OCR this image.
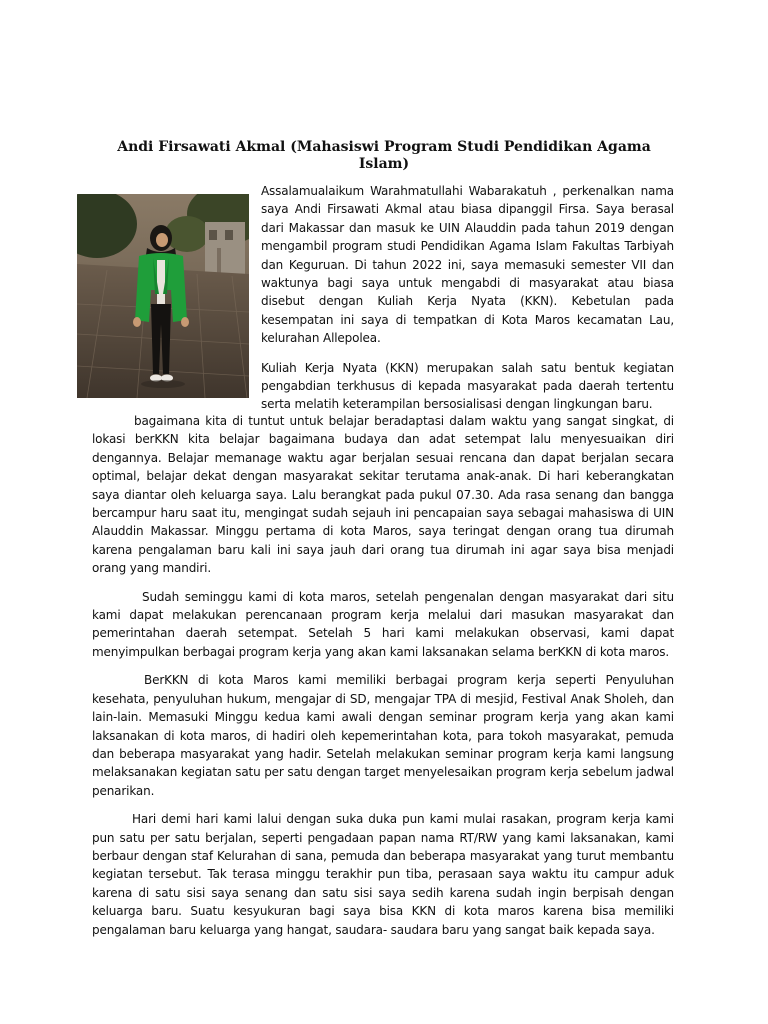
Andi Firsawati Akmal (Mahasiswi Program Studi Pendidikan Agama Islam)

Assalamualaikum Warahmatullahi Wabarakatuh , perkenalkan nama saya Andi Firsawati Akmal atau biasa dipanggil Firsa. Saya berasal dari Makassar dan masuk ke UIN Alauddin pada tahun 2019 dengan mengambil program studi Pendidikan Agama Islam Fakultas Tarbiyah dan Keguruan. Di tahun 2022 ini, saya memasuki semester VII dan waktunya bagi saya untuk mengabdi di masyarakat atau biasa disebut dengan Kuliah Kerja Nyata (KKN). Kebetulan pada kesempatan ini saya di tempatkan di Kota Maros kecamatan Lau, kelurahan Allepolea.

Kuliah Kerja Nyata (KKN) merupakan salah satu bentuk kegiatan pengabdian terkhusus di kepada masyarakat pada daerah tertentu serta melatih keterampilan bersosialisasi dengan lingkungan baru.

bagaimana kita di tuntut untuk belajar beradaptasi dalam waktu yang sangat singkat, di lokasi berKKN kita belajar bagaimana budaya dan adat setempat lalu menyesuaikan diri dengannya. Belajar memanage waktu agar berjalan sesuai rencana dan dapat berjalan secara optimal, belajar dekat dengan masyarakat sekitar terutama anak-anak. Di hari keberangkatan saya diantar oleh keluarga saya. Lalu berangkat pada pukul 07.30. Ada rasa senang dan bangga bercampur haru saat itu, mengingat sudah sejauh ini pencapaian saya sebagai mahasiswa di UIN Alauddin Makassar. Minggu pertama di kota Maros, saya teringat dengan orang tua dirumah karena pengalaman baru kali ini saya jauh dari orang tua dirumah ini agar saya bisa menjadi orang yang mandiri.

Sudah seminggu kami di kota maros, setelah pengenalan dengan masyarakat dari situ kami dapat melakukan perencanaan program kerja melalui dari masukan masyarakat dan pemerintahan daerah setempat. Setelah 5 hari kami melakukan observasi, kami dapat menyimpulkan berbagai program kerja yang akan kami laksanakan selama berKKN di kota maros.

BerKKN di kota Maros kami memiliki berbagai program kerja seperti Penyuluhan kesehata, penyuluhan hukum, mengajar di SD, mengajar TPA di mesjid, Festival Anak Sholeh, dan lain-lain. Memasuki Minggu kedua kami awali dengan seminar program kerja yang akan kami laksanakan di kota maros, di hadiri oleh kepemerintahan kota, para tokoh masyarakat, pemuda dan beberapa masyarakat yang hadir. Setelah melakukan seminar program kerja kami langsung melaksanakan kegiatan satu per satu dengan target menyelesaikan program kerja sebelum jadwal penarikan.

Hari demi hari kami lalui dengan suka duka pun kami mulai rasakan, program kerja kami pun satu per satu berjalan, seperti pengadaan papan nama RT/RW yang kami laksanakan, kami berbaur dengan staf Kelurahan di sana, pemuda dan beberapa masyarakat yang turut membantu kegiatan tersebut. Tak terasa minggu terakhir pun tiba, perasaan saya waktu itu campur aduk karena di satu sisi saya senang dan satu sisi saya sedih karena sudah ingin berpisah dengan keluarga baru. Suatu kesyukuran bagi saya bisa KKN di kota maros karena bisa memiliki pengalaman baru keluarga yang hangat, saudara- saudara baru yang sangat baik kepada saya.
